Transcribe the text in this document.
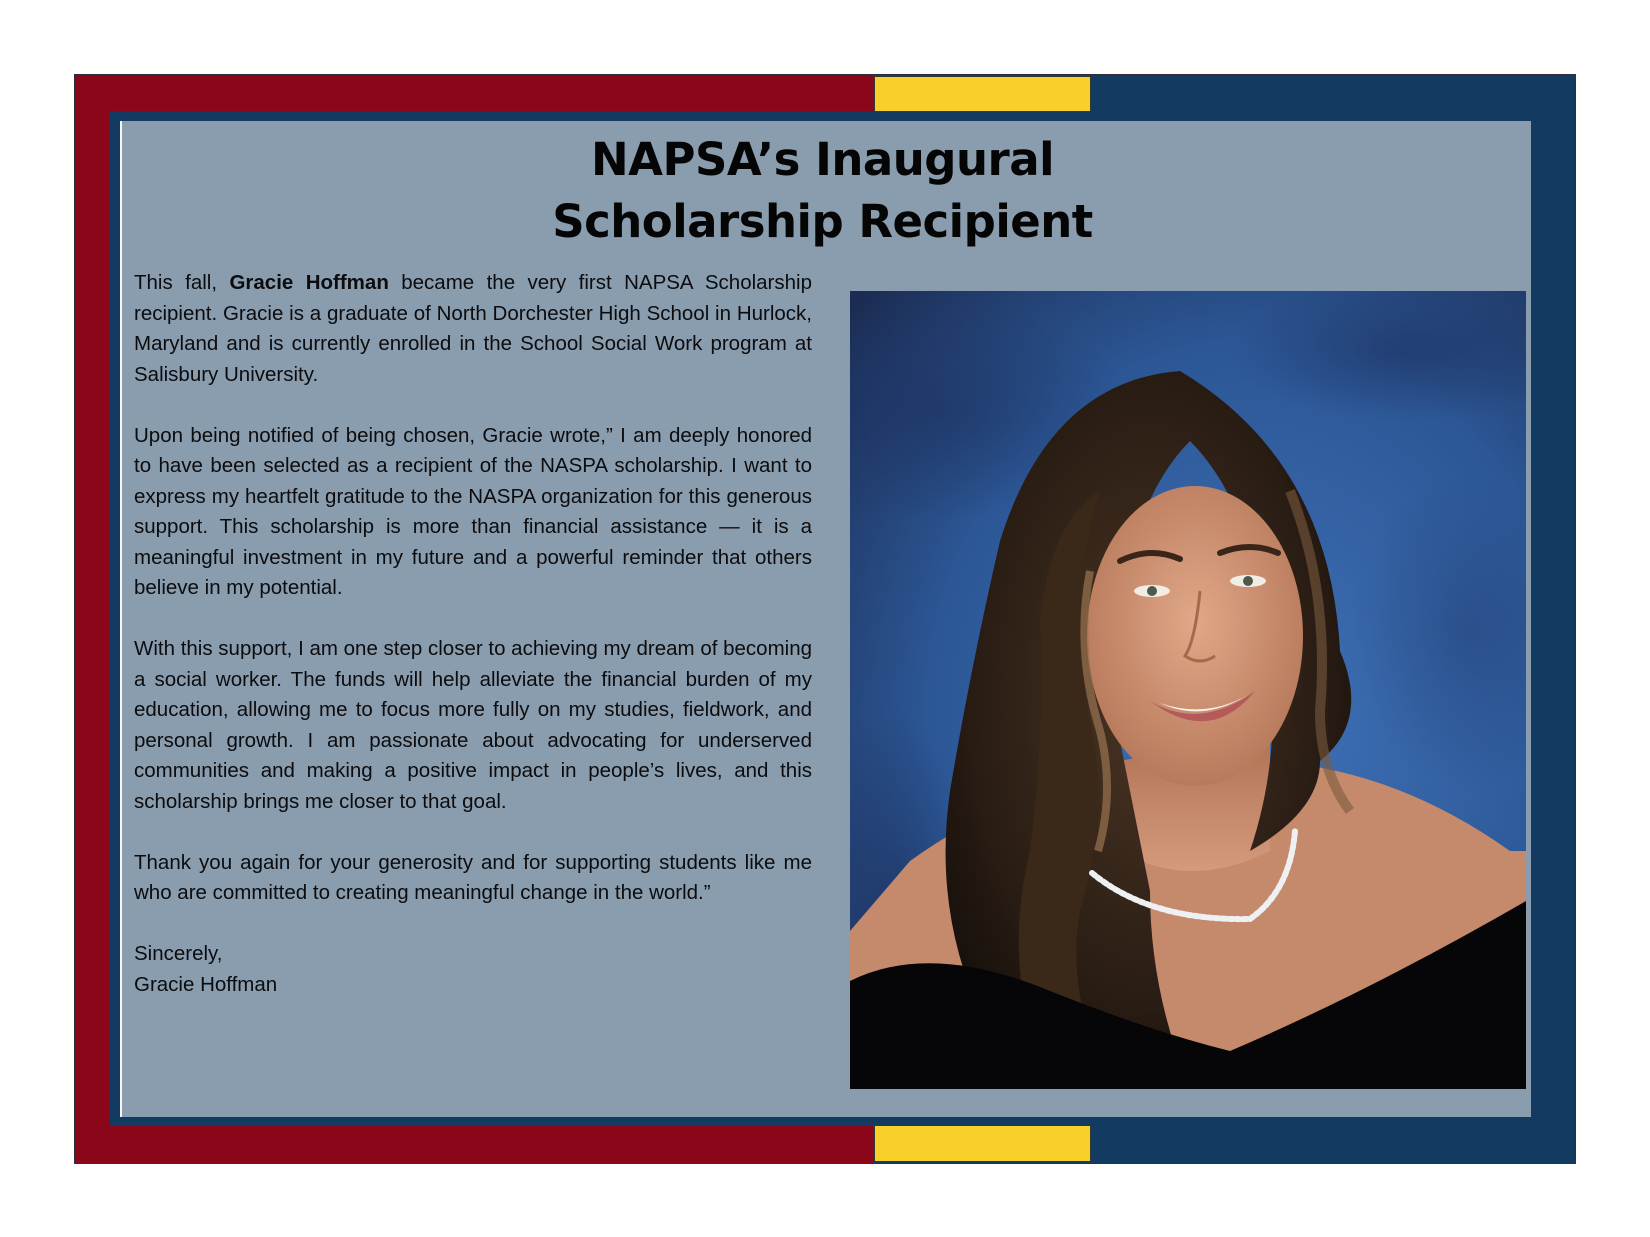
NAPSA’s Inaugural
Scholarship Recipient

This fall, Gracie Hoffman became the very first NAPSA Scholarship recipient. Gracie is a graduate of North Dorchester High School in Hurlock, Maryland and is currently enrolled in the School Social Work program at Salisbury University.

Upon being notified of being chosen, Gracie wrote,” I am deeply honored to have been selected as a recipient of the NASPA scholarship. I want to express my heartfelt gratitude to the NASPA organization for this generous support. This scholarship is more than financial assistance — it is a meaningful investment in my future and a powerful reminder that others believe in my potential.

With this support, I am one step closer to achieving my dream of becoming a social worker. The funds will help alleviate the financial burden of my education, allowing me to focus more fully on my studies, fieldwork, and personal growth. I am passionate about advocating for underserved communities and making a positive impact in people’s lives, and this scholarship brings me closer to that goal.

Thank you again for your generosity and for supporting students like me who are committed to creating meaningful change in the world.”

Sincerely,
Gracie Hoffman
